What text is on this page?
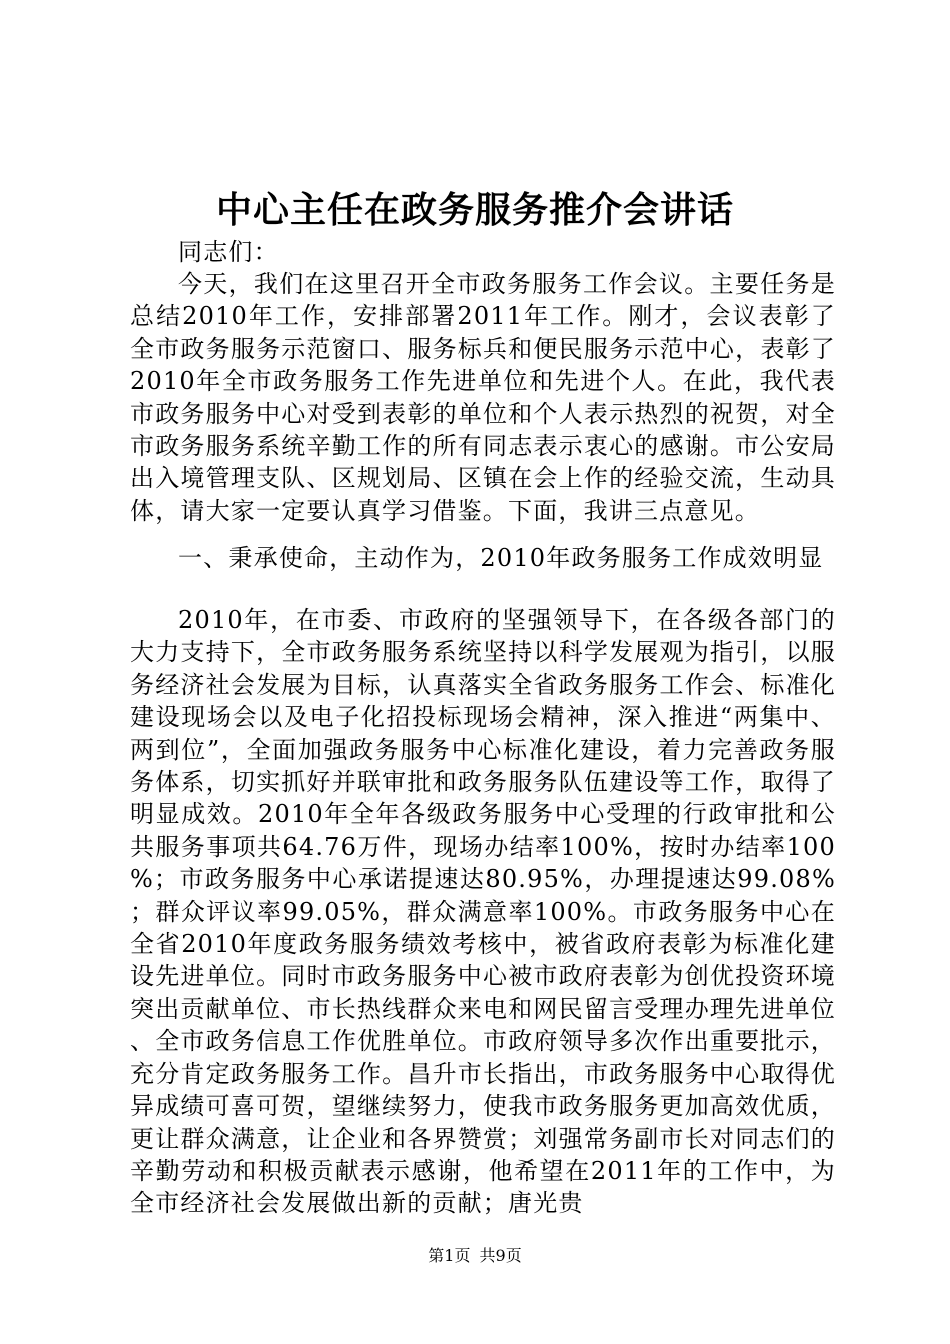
中心主任在政务服务推介会讲话

同志们：

今天，我们在这里召开全市政务服务工作会议。主要任务是总结2010年工作，安排部署2011年工作。刚才，会议表彰了全市政务服务示范窗口、服务标兵和便民服务示范中心，表彰了2010年全市政务服务工作先进单位和先进个人。在此，我代表市政务服务中心对受到表彰的单位和个人表示热烈的祝贺，对全市政务服务系统辛勤工作的所有同志表示衷心的感谢。市公安局出入境管理支队、区规划局、区镇在会上作的经验交流，生动具体，请大家一定要认真学习借鉴。下面，我讲三点意见。

一、秉承使命，主动作为，2010年政务服务工作成效明显

2010年，在市委、市政府的坚强领导下，在各级各部门的大力支持下，全市政务服务系统坚持以科学发展观为指引，以服务经济社会发展为目标，认真落实全省政务服务工作会、标准化建设现场会以及电子化招投标现场会精神，深入推进“两集中、两到位”，全面加强政务服务中心标准化建设，着力完善政务服务体系，切实抓好并联审批和政务服务队伍建设等工作，取得了明显成效。2010年全年各级政务服务中心受理的行政审批和公共服务事项共64.76万件，现场办结率100%，按时办结率100%；市政务服务中心承诺提速达80.95%，办理提速达99.08%；群众评议率99.05%，群众满意率100%。市政务服务中心在全省2010年度政务服务绩效考核中，被省政府表彰为标准化建设先进单位。同时市政务服务中心被市政府表彰为创优投资环境突出贡献单位、市长热线群众来电和网民留言受理办理先进单位、全市政务信息工作优胜单位。市政府领导多次作出重要批示，充分肯定政务服务工作。昌升市长指出，市政务服务中心取得优异成绩可喜可贺，望继续努力，使我市政务服务更加高效优质，更让群众满意，让企业和各界赞赏；刘强常务副市长对同志们的辛勤劳动和积极贡献表示感谢，他希望在2011年的工作中，为全市经济社会发展做出新的贡献；唐光贵

第1页 共9页
